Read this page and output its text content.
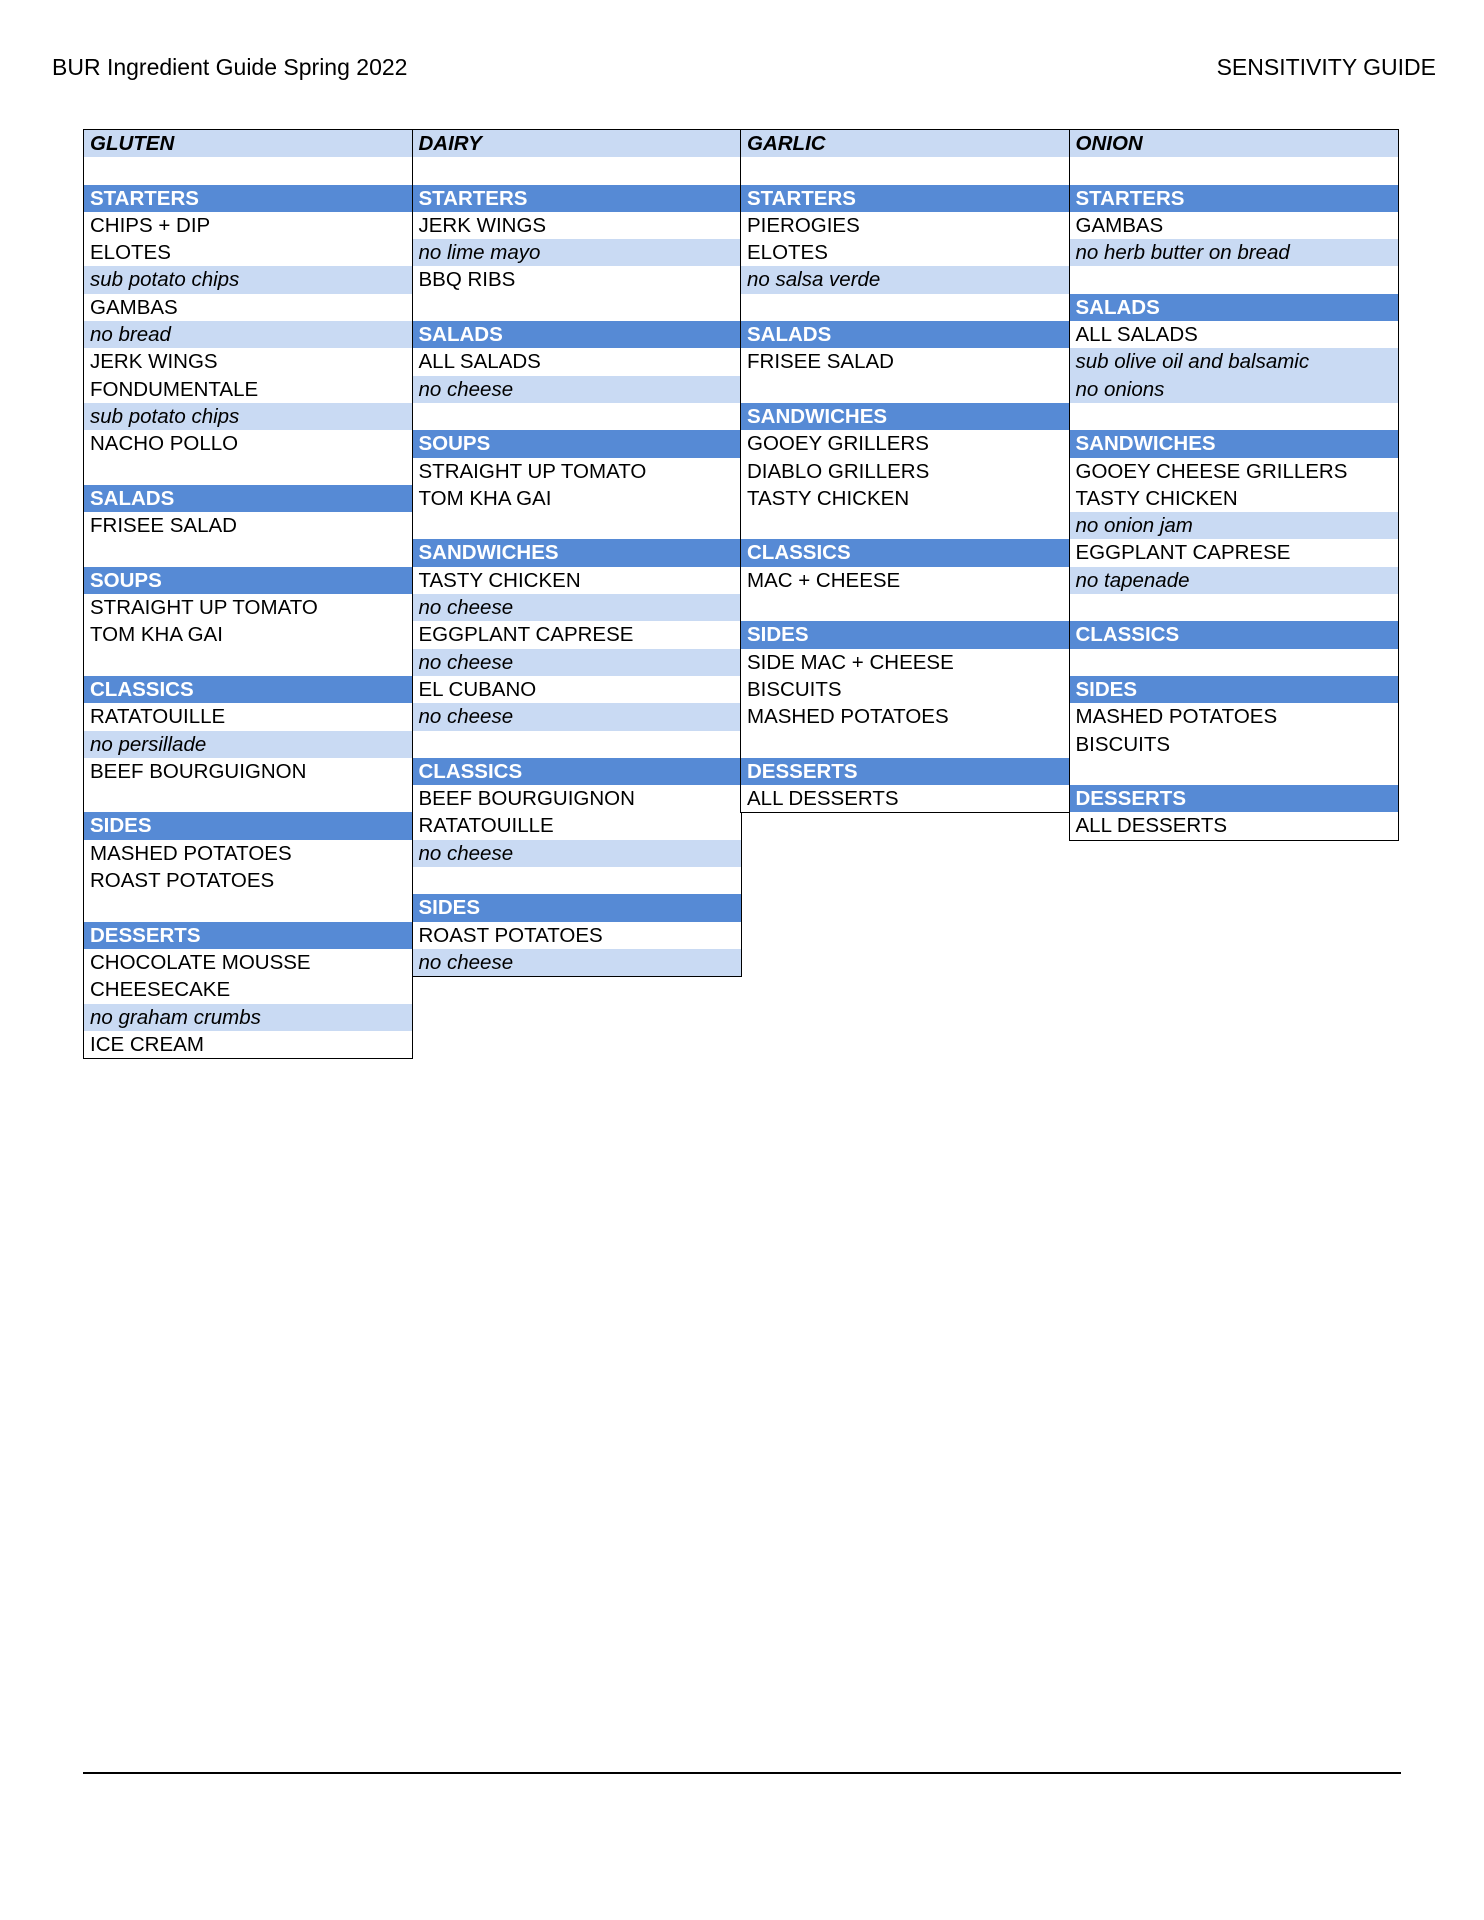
BUR Ingredient Guide Spring 2022	SENSITIVITY GUIDE
GLUTEN
STARTERS
CHIPS + DIP
ELOTES
sub potato chips
GAMBAS
no bread
JERK WINGS
FONDUMENTALE
sub potato chips
NACHO POLLO
SALADS
FRISEE SALAD
SOUPS
STRAIGHT UP TOMATO
TOM KHA GAI
CLASSICS
RATATOUILLE
no persillade
BEEF BOURGUIGNON
SIDES
MASHED POTATOES
ROAST POTATOES
DESSERTS
CHOCOLATE MOUSSE
CHEESECAKE
no graham crumbs
ICE CREAM
DAIRY
STARTERS
JERK WINGS
no lime mayo
BBQ RIBS
SALADS
ALL SALADS
no cheese
SOUPS
STRAIGHT UP TOMATO
TOM KHA GAI
SANDWICHES
TASTY CHICKEN
no cheese
EGGPLANT CAPRESE
no cheese
EL CUBANO
no cheese
CLASSICS
BEEF BOURGUIGNON
RATATOUILLE
no cheese
SIDES
ROAST POTATOES
no cheese
GARLIC
STARTERS
PIEROGIES
ELOTES
no salsa verde
SALADS
FRISEE SALAD
SANDWICHES
GOOEY GRILLERS
DIABLO GRILLERS
TASTY CHICKEN
CLASSICS
MAC + CHEESE
SIDES
SIDE MAC + CHEESE
BISCUITS
MASHED POTATOES
DESSERTS
ALL DESSERTS
ONION
STARTERS
GAMBAS
no herb butter on bread
SALADS
ALL SALADS
sub olive oil and balsamic
no onions
SANDWICHES
GOOEY CHEESE GRILLERS
TASTY CHICKEN
no onion jam
EGGPLANT CAPRESE
no tapenade
CLASSICS
SIDES
MASHED POTATOES
BISCUITS
DESSERTS
ALL DESSERTS
